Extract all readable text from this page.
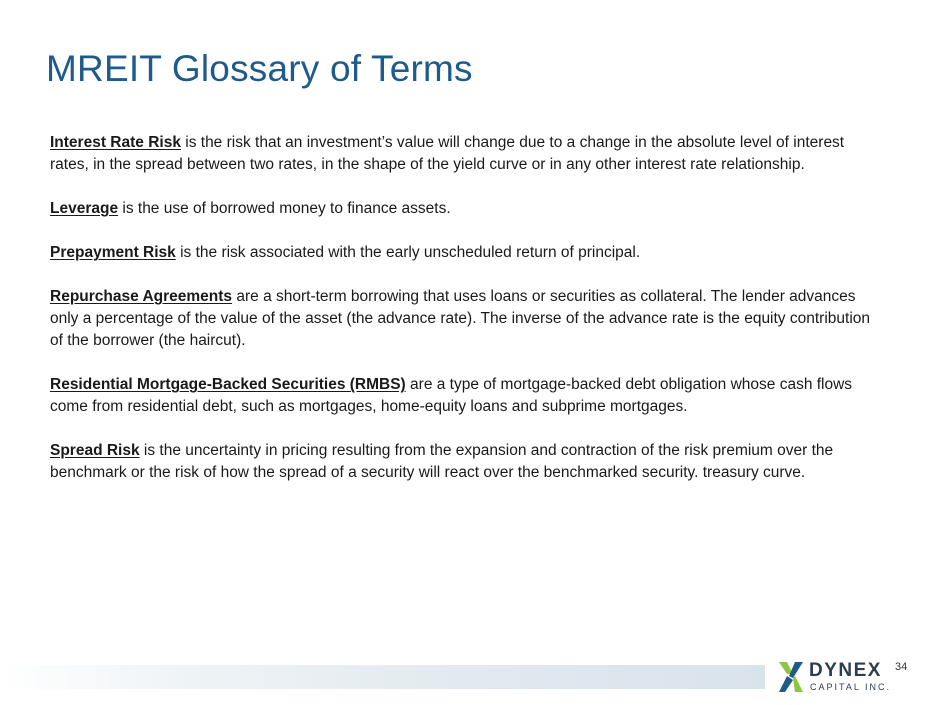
MREIT Glossary of Terms

Interest Rate Risk is the risk that an investment’s value will change due to a change in the absolute level of interest rates, in the spread between two rates, in the shape of the yield curve or in any other interest rate relationship.

Leverage is the use of borrowed money to finance assets.

Prepayment Risk is the risk associated with the early unscheduled return of principal.

Repurchase Agreements are a short-term borrowing that uses loans or securities as collateral. The lender advances only a percentage of the value of the asset (the advance rate). The inverse of the advance rate is the equity contribution of the borrower (the haircut).

Residential Mortgage-Backed Securities (RMBS) are a type of mortgage-backed debt obligation whose cash flows come from residential debt, such as mortgages, home-equity loans and subprime mortgages.

Spread Risk is the uncertainty in pricing resulting from the expansion and contraction of the risk premium over the benchmark or the risk of how the spread of a security will react over the benchmarked security. treasury curve.

DYNEX
CAPITAL INC.
34
